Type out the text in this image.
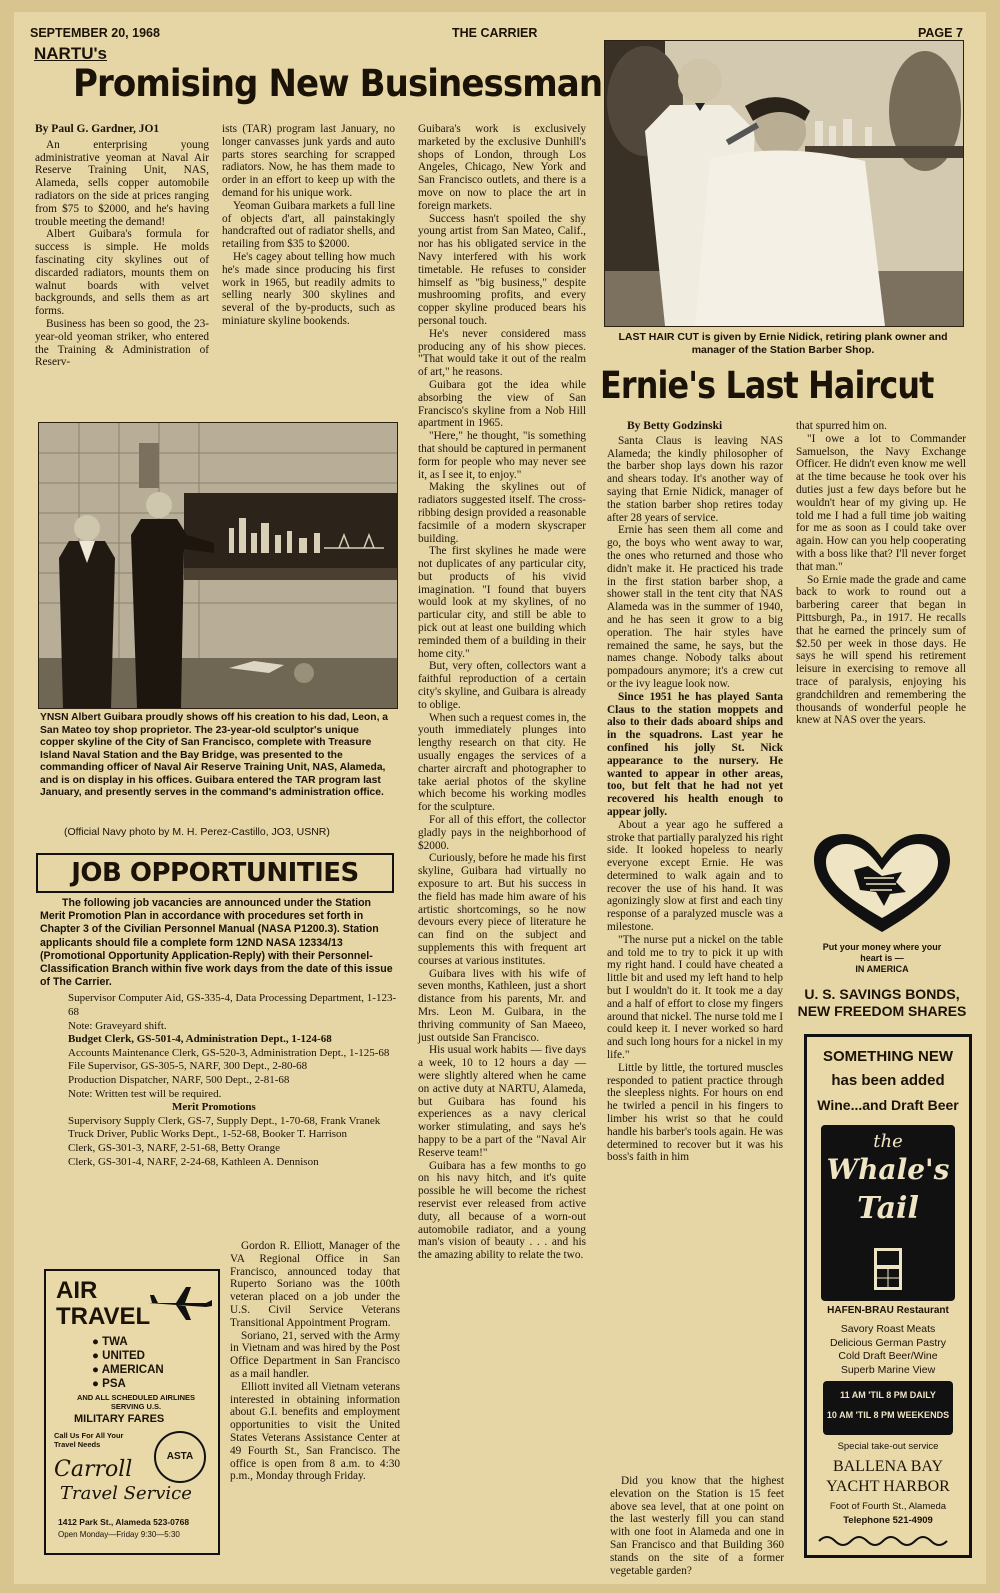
SEPTEMBER 20, 1968	THE CARRIER	PAGE 7
NARTU's
Promising New Businessman
By Paul G. Gardner, JO1

An enterprising young administrative yeoman at Naval Air Reserve Training Unit, NAS, Alameda, sells copper automobile radiators on the side at prices ranging from $75 to $2000, and he's having trouble meeting the demand!

Albert Guibara's formula for success is simple. He molds fascinating city skylines out of discarded radiators, mounts them on walnut boards with velvet backgrounds, and sells them as art forms.

Business has been so good, the 23-year-old yeoman striker, who entered the Training & Administration of Reserv-

ists (TAR) program last January, no longer canvasses junk yards and auto parts stores searching for scrapped radiators. Now, he has them made to order in an effort to keep up with the demand for his unique work.

Yeoman Guibara markets a full line of objects d'art, all painstakingly handcrafted out of radiator shells, and retailing from $35 to $2000.

He's cagey about telling how much he's made since producing his first work in 1965, but readily admits to selling nearly 300 skylines and several of the by-products, such as miniature skyline bookends.

Guibara's work is exclusively marketed by the exclusive Dunhill's shops of London, through Los Angeles, Chicago, New York and San Francisco outlets, and there is a move on now to place the art in foreign markets.

Success hasn't spoiled the shy young artist from San Mateo, Calif., nor has his obligated service in the Navy interfered with his work timetable. He refuses to consider himself as "big business," despite mushrooming profits, and every copper skyline produced bears his personal touch.

He's never considered mass producing any of his show pieces. "That would take it out of the realm of art," he reasons.

Guibara got the idea while absorbing the view of San Francisco's skyline from a Nob Hill apartment in 1965.

"Here," he thought, "is something that should be captured in permanent form for people who may never see it, as I see it, to enjoy."

Making the skylines out of radiators suggested itself. The cross-ribbing design provided a reasonable facsimile of a modern skyscraper building.

The first skylines he made were not duplicates of any particular city, but products of his vivid imagination. "I found that buyers would look at my skylines, of no particular city, and still be able to pick out at least one building which reminded them of a building in their home city."

But, very often, collectors want a faithful reproduction of a certain city's skyline, and Guibara is already to oblige.

When such a request comes in, the youth immediately plunges into lengthy research on that city. He usually engages the services of a charter aircraft and photographer to take aerial photos of the skyline which become his working modles for the sculpture.

For all of this effort, the collector gladly pays in the neighborhood of $2000.

Curiously, before he made his first skyline, Guibara had virtually no exposure to art. But his success in the field has made him aware of his artistic shortcomings, so he now devours every piece of literature he can find on the subject and supplements this with frequent art courses at various institutes.

Guibara lives with his wife of seven months, Kathleen, just a short distance from his parents, Mr. and Mrs. Leon M. Guibara, in the thriving community of San Maeeo, just outside San Francisco.

His usual work habits — five days a week, 10 to 12 hours a day — were slightly altered when he came on active duty at NARTU, Alameda, but Guibara has found his experiences as a navy clerical worker stimulating, and says he's happy to be a part of the "Naval Air Reserve team!"

Guibara has a few months to go on his navy hitch, and it's quite possible he will become the richest reservist ever released from active duty, all because of a worn-out automobile radiator, and a young man's vision of beauty . . . and his the amazing ability to relate the two.

YNSN Albert Guibara proudly shows off his creation to his dad, Leon, a San Mateo toy shop proprietor. The 23-year-old sculptor's unique copper skyline of the City of San Francisco, complete with Treasure Island Naval Station and the Bay Bridge, was presented to the commanding officer of Naval Air Reserve Training Unit, NAS, Alameda, and is on display in his offices. Guibara entered the TAR program last January, and presently serves in the command's administration office.
(Official Navy photo by M. H. Perez-Castillo, JO3, USNR)
JOB OPPORTUNITIES
The following job vacancies are announced under the Station Merit Promotion Plan in accordance with procedures set forth in Chapter 3 of the Civilian Personnel Manual (NASA P1200.3). Station applicants should file a complete form 12ND NASA 12334/13 (Promotional Opportunity Application-Reply) with their Personnel-Classification Branch within five work days from the date of this issue of The Carrier.
Supervisor Computer Aid, GS-335-4, Data Processing Department, 1-123-68
Note: Graveyard shift.
Budget Clerk, GS-501-4, Administration Dept., 1-124-68
Accounts Maintenance Clerk, GS-520-3, Administration Dept., 1-125-68
File Supervisor, GS-305-5, NARF, 300 Dept., 2-80-68
Production Dispatcher, NARF, 500 Dept., 2-81-68
Note: Written test will be required.
Merit Promotions
Supervisory Supply Clerk, GS-7, Supply Dept., 1-70-68, Frank Vranek
Truck Driver, Public Works Dept., 1-52-68, Booker T. Harrison
Clerk, GS-301-3, NARF, 2-51-68, Betty Orange
Clerk, GS-301-4, NARF, 2-24-68, Kathleen A. Dennison

Gordon R. Elliott, Manager of the VA Regional Office in San Francisco, announced today that Ruperto Soriano was the 100th veteran placed on a job under the U.S. Civil Service Veterans Transitional Appointment Program.

Soriano, 21, served with the Army in Vietnam and was hired by the Post Office Department in San Francisco as a mail handler.

Elliott invited all Vietnam veterans interested in obtaining information about G.I. benefits and employment opportunities to visit the United States Veterans Assistance Center at 49 Fourth St., San Francisco. The office is open from 8 a.m. to 4:30 p.m., Monday through Friday.

AIR
TRAVEL
● TWA
● UNITED
● AMERICAN
● PSA
AND ALL SCHEDULED AIRLINES SERVING U.S.
MILITARY FARES
Call Us For All Your Travel Needs
ASTA
Carroll
Travel Service
1412 Park St., Alameda 523-0768
Open Monday—Friday 9:30—5:30
LAST HAIR CUT is given by Ernie Nidick, retiring plank owner and manager of the Station Barber Shop.
Ernie's Last Haircut
By Betty Godzinski

Santa Claus is leaving NAS Alameda; the kindly philosopher of the barber shop lays down his razor and shears today. It's another way of saying that Ernie Nidick, manager of the station barber shop retires today after 28 years of service.

Ernie has seen them all come and go, the boys who went away to war, the ones who returned and those who didn't make it. He practiced his trade in the first station barber shop, a shower stall in the tent city that NAS Alameda was in the summer of 1940, and he has seen it grow to a big operation. The hair styles have remained the same, he says, but the names change. Nobody talks about pompadours anymore; it's a crew cut or the ivy league look now.

Since 1951 he has played Santa Claus to the station moppets and also to their dads aboard ships and in the squadrons. Last year he confined his jolly St. Nick appearance to the nursery. He wanted to appear in other areas, too, but felt that he had not yet recovered his health enough to appear jolly.

About a year ago he suffered a stroke that partially paralyzed his right side. It looked hopeless to nearly everyone except Ernie. He was determined to walk again and to recover the use of his hand. It was agonizingly slow at first and each tiny response of a paralyzed muscle was a milestone.

"The nurse put a nickel on the table and told me to try to pick it up with my right hand. I could have cheated a little bit and used my left hand to help but I wouldn't do it. It took me a day and a half of effort to close my fingers around that nickel. The nurse told me I could keep it. I never worked so hard and such long hours for a nickel in my life."

Little by little, the tortured muscles responded to patient practice through the sleepless nights. For hours on end he twirled a pencil in his fingers to limber his wrist so that he could handle his barber's tools again. He was determined to recover but it was his boss's faith in him

Did you know that the highest elevation on the Station is 15 feet above sea level, that at one point on the last westerly fill you can stand with one foot in Alameda and one in San Francisco and that Building 360 stands on the site of a former vegetable garden?

that spurred him on.

"I owe a lot to Commander Samuelson, the Navy Exchange Officer. He didn't even know me well at the time because he took over his duties just a few days before but he wouldn't hear of my giving up. He told me I had a full time job waiting for me as soon as I could take over again. How can you help cooperating with a boss like that? I'll never forget that man."

So Ernie made the grade and came back to work to round out a barbering career that began in Pittsburgh, Pa., in 1917. He recalls that he earned the princely sum of $2.50 per week in those days. He says he will spend his retirement leisure in exercising to remove all trace of paralysis, enjoying his grandchildren and remembering the thousands of wonderful people he knew at NAS over the years.

Put your money where your
heart is —
IN AMERICA
U. S. SAVINGS BONDS,
NEW FREEDOM SHARES
SOMETHING NEW
has been added
Wine...and Draft Beer
the
Whale's
Tail
HAFEN-BRAU Restaurant
Savory Roast Meats
Delicious German Pastry
Cold Draft Beer/Wine
Superb Marine View
11 AM 'TIL 8 PM DAILY
10 AM 'TIL 8 PM WEEKENDS
Special take-out service
BALLENA BAY
YACHT HARBOR
Foot of Fourth St., Alameda
Telephone 521-4909
